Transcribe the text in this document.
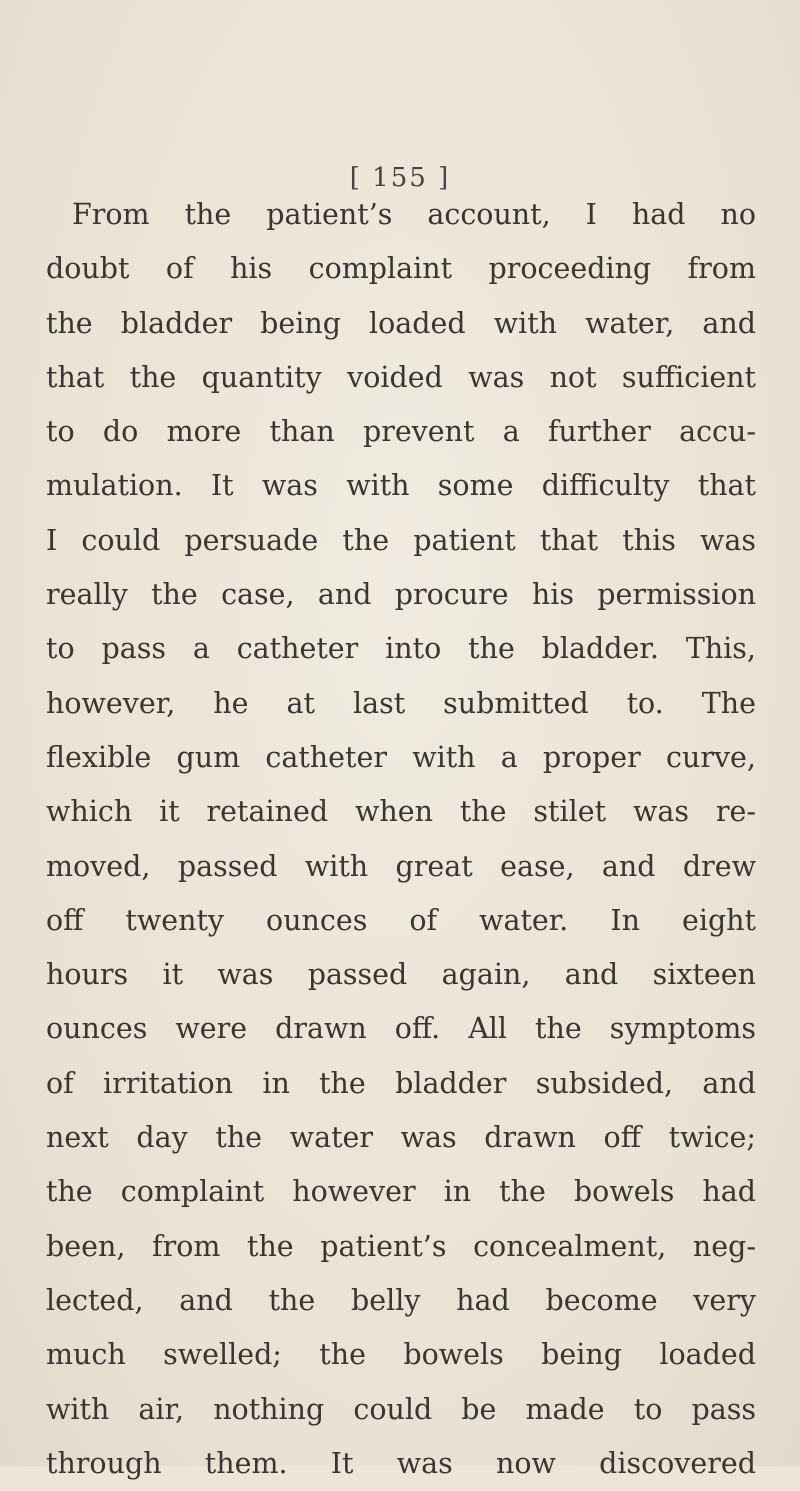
[ 155 ]
From the patient’s account, I had no
doubt of his complaint proceeding from
the bladder being loaded with water, and
that the quantity voided was not sufficient
to do more than prevent a further accu-
mulation. It was with some difficulty that
I could persuade the patient that this was
really the case, and procure his permission
to pass a catheter into the bladder. This,
however, he at last submitted to. The
flexible gum catheter with a proper curve,
which it retained when the stilet was re-
moved, passed with great ease, and drew
off twenty ounces of water. In eight
hours it was passed again, and sixteen
ounces were drawn off. All the symptoms
of irritation in the bladder subsided, and
next day the water was drawn off twice;
the complaint however in the bowels had
been, from the patient’s concealment, neg-
lected, and the belly had become very
much swelled; the bowels being loaded
with air, nothing could be made to pass
through them. It was now discovered
